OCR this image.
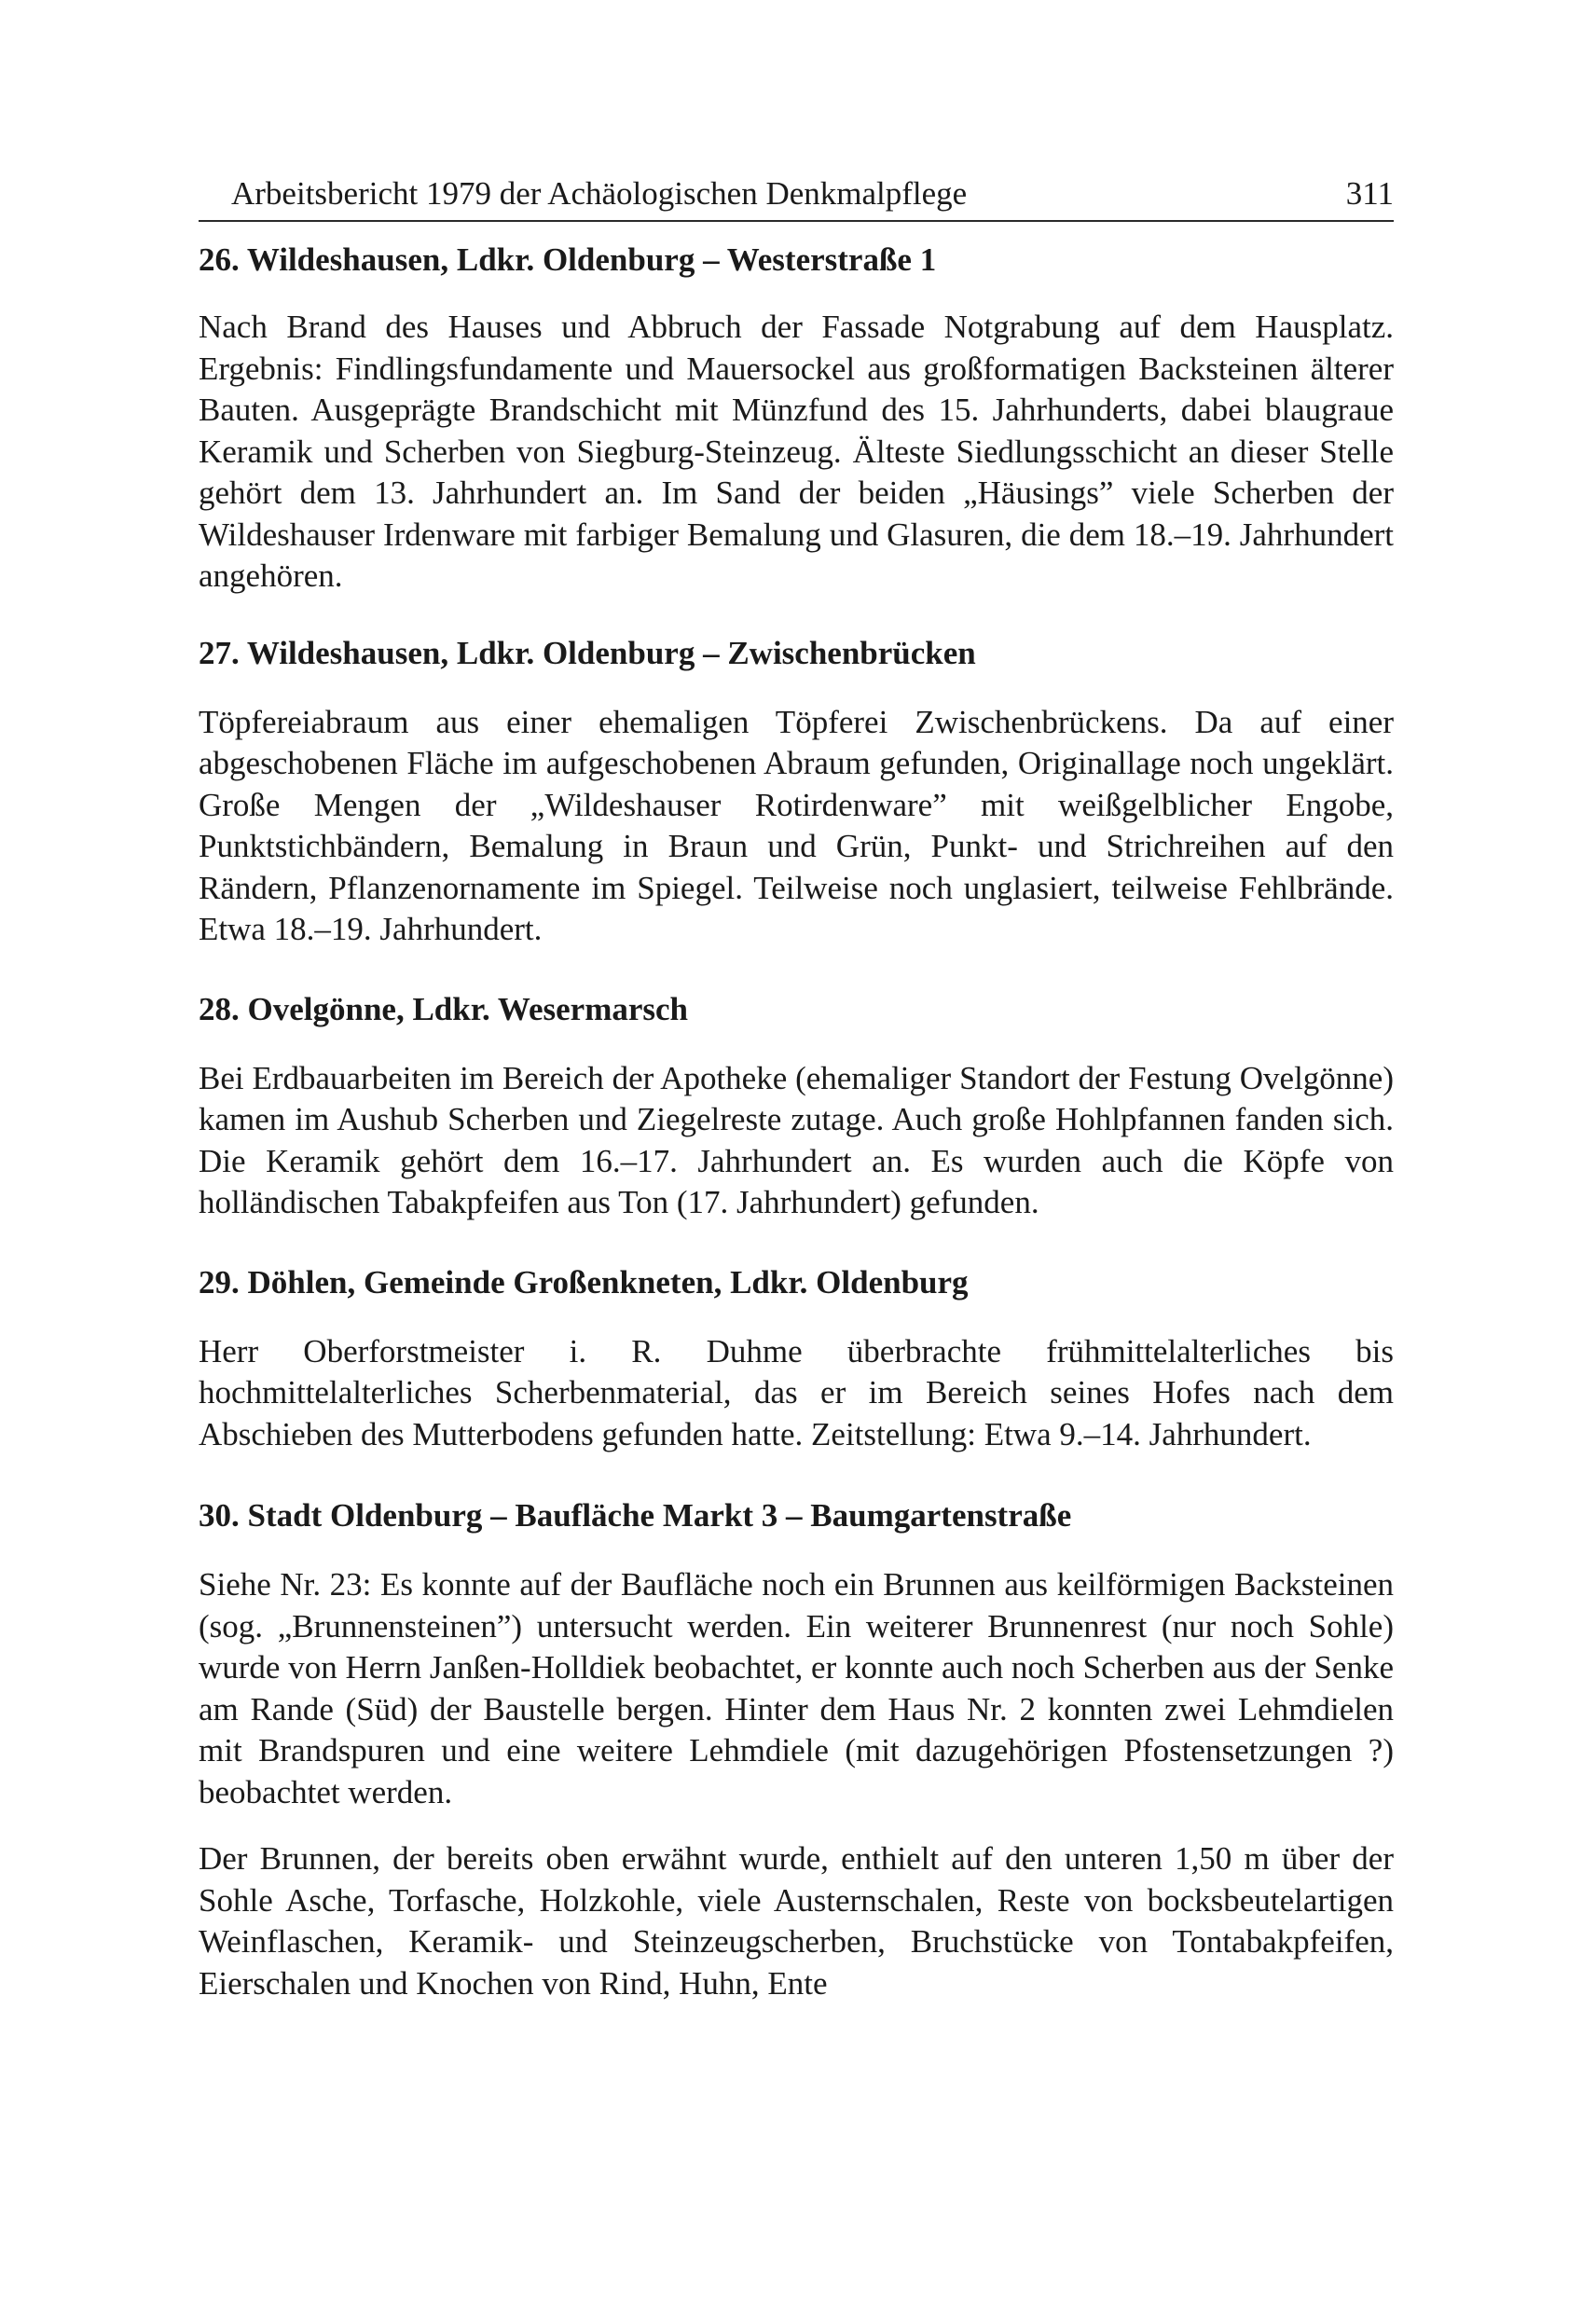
Arbeitsbericht 1979 der Achäologischen Denkmalpflege	311
26. Wildeshausen, Ldkr. Oldenburg – Westerstraße 1

Nach Brand des Hauses und Abbruch der Fassade Notgrabung auf dem Hausplatz. Ergebnis: Findlingsfundamente und Mauersockel aus großformatigen Backsteinen älterer Bauten. Ausgeprägte Brandschicht mit Münzfund des 15. Jahrhunderts, dabei blaugraue Keramik und Scherben von Siegburg-Steinzeug. Älteste Siedlungsschicht an dieser Stelle gehört dem 13. Jahrhundert an. Im Sand der beiden „Häusings” viele Scherben der Wildeshauser Irdenware mit farbiger Bemalung und Glasuren, die dem 18.–19. Jahrhundert angehören.

27. Wildeshausen, Ldkr. Oldenburg – Zwischenbrücken

Töpfereiabraum aus einer ehemaligen Töpferei Zwischenbrückens. Da auf einer abgeschobenen Fläche im aufgeschobenen Abraum gefunden, Originallage noch ungeklärt. Große Mengen der „Wildeshauser Rotirdenware” mit weißgelblicher Engobe, Punktstichbändern, Bemalung in Braun und Grün, Punkt- und Strichreihen auf den Rändern, Pflanzenornamente im Spiegel. Teilweise noch unglasiert, teilweise Fehlbrände. Etwa 18.–19. Jahrhundert.

28. Ovelgönne, Ldkr. Wesermarsch

Bei Erdbauarbeiten im Bereich der Apotheke (ehemaliger Standort der Festung Ovelgönne) kamen im Aushub Scherben und Ziegelreste zutage. Auch große Hohlpfannen fanden sich. Die Keramik gehört dem 16.–17. Jahrhundert an. Es wurden auch die Köpfe von holländischen Tabakpfeifen aus Ton (17. Jahrhundert) gefunden.

29. Döhlen, Gemeinde Großenkneten, Ldkr. Oldenburg

Herr Oberforstmeister i. R. Duhme überbrachte frühmittelalterliches bis hochmittelalterliches Scherbenmaterial, das er im Bereich seines Hofes nach dem Abschieben des Mutterbodens gefunden hatte. Zeitstellung: Etwa 9.–14. Jahrhundert.

30. Stadt Oldenburg – Baufläche Markt 3 – Baumgartenstraße

Siehe Nr. 23: Es konnte auf der Baufläche noch ein Brunnen aus keilförmigen Backsteinen (sog. „Brunnensteinen”) untersucht werden. Ein weiterer Brunnenrest (nur noch Sohle) wurde von Herrn Janßen-Holldiek beobachtet, er konnte auch noch Scherben aus der Senke am Rande (Süd) der Baustelle bergen. Hinter dem Haus Nr. 2 konnten zwei Lehmdielen mit Brandspuren und eine weitere Lehmdiele (mit dazugehörigen Pfostensetzungen ?) beobachtet werden.

Der Brunnen, der bereits oben erwähnt wurde, enthielt auf den unteren 1,50 m über der Sohle Asche, Torfasche, Holzkohle, viele Austernschalen, Reste von bocksbeutelartigen Weinflaschen, Keramik- und Steinzeugscherben, Bruchstücke von Tontabakpfeifen, Eierschalen und Knochen von Rind, Huhn, Ente
